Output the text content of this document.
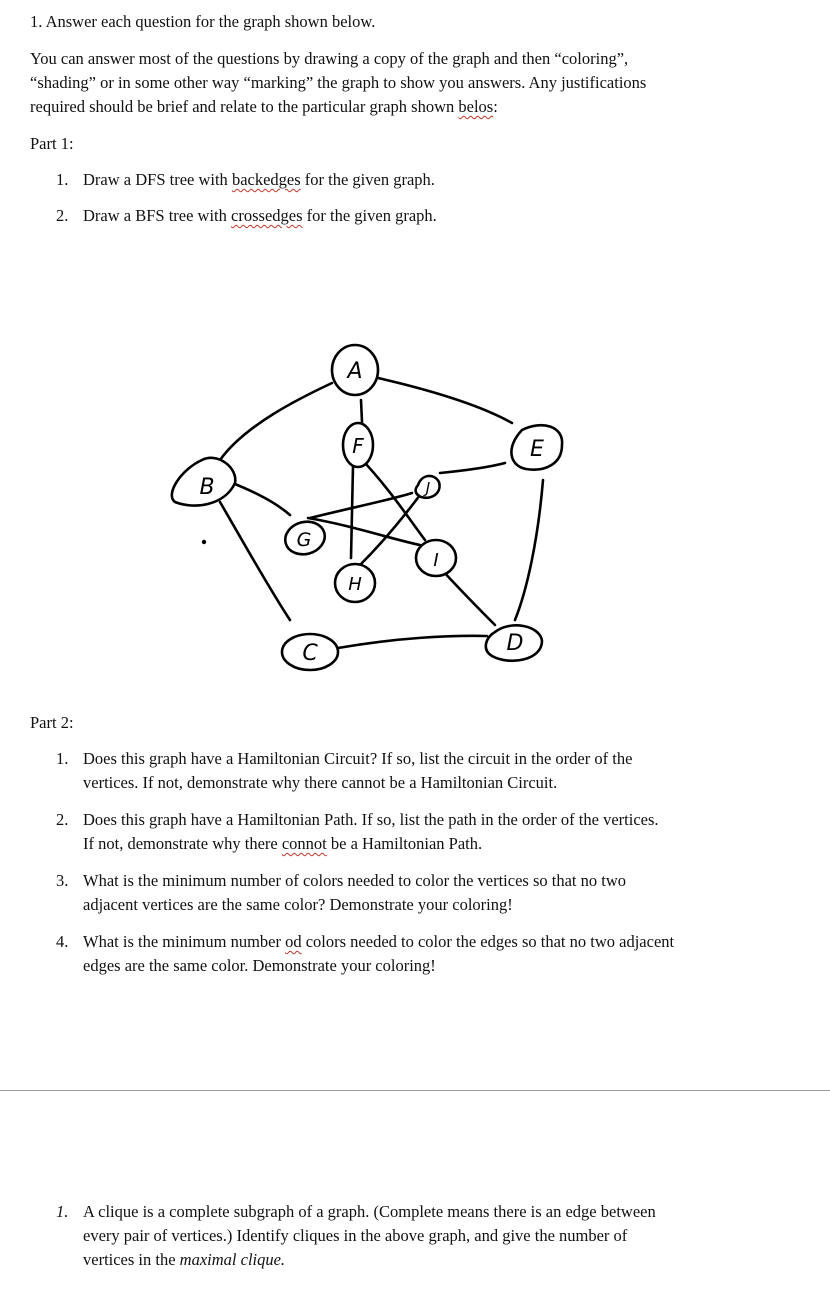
1. Answer each question for the graph shown below.
You can answer most of the questions by drawing a copy of the graph and then “coloring”,
“shading” or in some other way “marking” the graph to show you answers. Any justifications
required should be brief and relate to the particular graph shown belos:
Part 1:
1. Draw a DFS tree with backedges for the given graph.
2. Draw a BFS tree with crossedges for the given graph.
A
F	E
B
G
J
I
H
C	D
Part 2:
1. Does this graph have a Hamiltonian Circuit? If so, list the circuit in the order of the
vertices. If not, demonstrate why there cannot be a Hamiltonian Circuit.
2. Does this graph have a Hamiltonian Path. If so, list the path in the order of the vertices.
If not, demonstrate why there connot be a Hamiltonian Path.
3. What is the minimum number of colors needed to color the vertices so that no two
adjacent vertices are the same color? Demonstrate your coloring!
4. What is the minimum number od colors needed to color the edges so that no two adjacent
edges are the same color. Demonstrate your coloring!
1. A clique is a complete subgraph of a graph. (Complete means there is an edge between
every pair of vertices.) Identify cliques in the above graph, and give the number of
vertices in the maximal clique.
